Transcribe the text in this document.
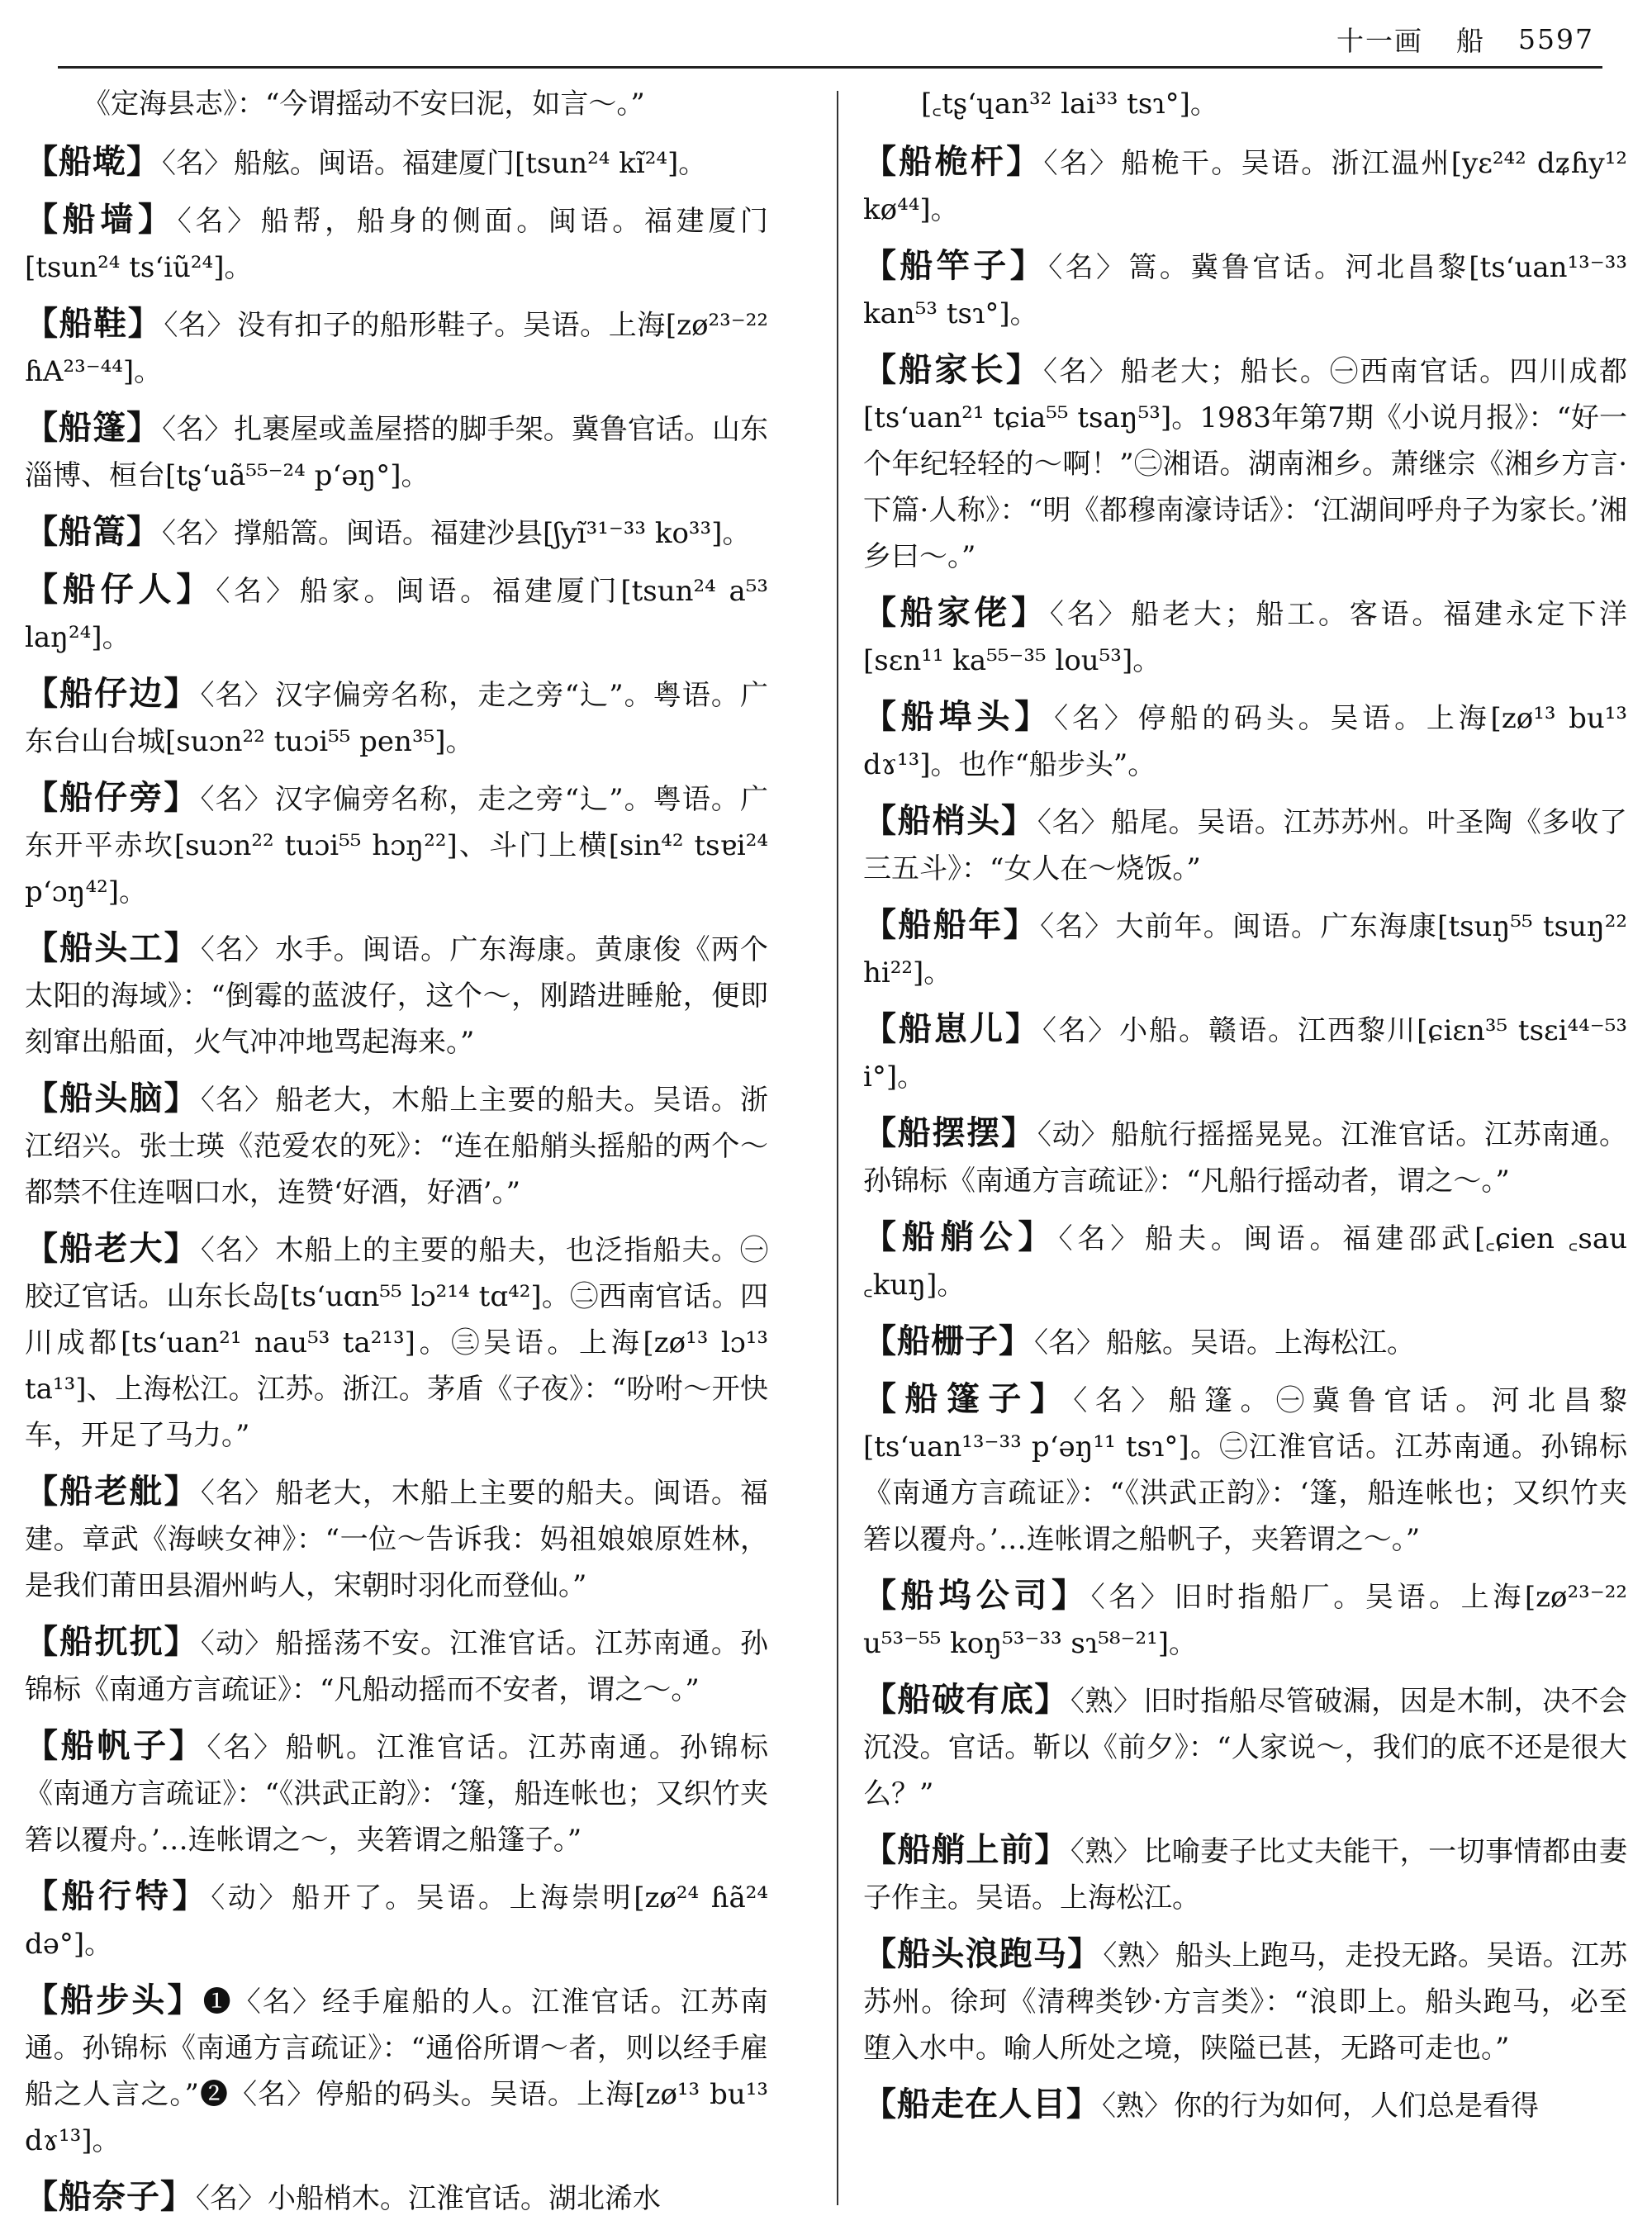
十一画 船 5597

《定海县志》：“今谓摇动不安曰泥，如言～。”

【船墘】〈名〉船舷。闽语。福建厦门[tsun²⁴ kĩ²⁴]。

【船墙】〈名〉船帮，船身的侧面。闽语。福建厦门[tsun²⁴ ts‘iũ²⁴]。

【船鞋】〈名〉没有扣子的船形鞋子。吴语。上海[zø²³⁻²² ɦA²³⁻⁴⁴]。

【船篷】〈名〉扎裹屋或盖屋搭的脚手架。冀鲁官话。山东淄博、桓台[tʂ‘uã⁵⁵⁻²⁴ p‘əŋ°]。

【船篙】〈名〉撑船篙。闽语。福建沙县[ʃyĩ³¹⁻³³ ko³³]。

【船仔人】〈名〉船家。闽语。福建厦门[tsun²⁴ a⁵³ laŋ²⁴]。

【船仔边】〈名〉汉字偏旁名称，走之旁“辶”。粤语。广东台山台城[suɔn²² tuɔi⁵⁵ pen³⁵]。

【船仔旁】〈名〉汉字偏旁名称，走之旁“辶”。粤语。广东开平赤坎[suɔn²² tuɔi⁵⁵ hɔŋ²²]、斗门上横[sin⁴² tsɐi²⁴ p‘ɔŋ⁴²]。

【船头工】〈名〉水手。闽语。广东海康。黄康俊《两个太阳的海域》：“倒霉的蓝波仔，这个～，刚踏进睡舱，便即刻窜出船面，火气冲冲地骂起海来。”

【船头脑】〈名〉船老大，木船上主要的船夫。吴语。浙江绍兴。张士瑛《范爱农的死》：“连在船艄头摇船的两个～都禁不住连咽口水，连赞‘好酒，好酒’。”

【船老大】〈名〉木船上的主要的船夫，也泛指船夫。㊀胶辽官话。山东长岛[ts‘uɑn⁵⁵ lɔ²¹⁴ tɑ⁴²]。㊁西南官话。四川成都[ts‘uan²¹ nau⁵³ ta²¹³]。㊂吴语。上海[zø¹³ lɔ¹³ ta¹³]、上海松江。江苏。浙江。茅盾《子夜》：“吩咐～开快车，开足了马力。”

【船老舭】〈名〉船老大，木船上主要的船夫。闽语。福建。章武《海峡女神》：“一位～告诉我：妈祖娘娘原姓林，是我们莆田县湄州屿人，宋朝时羽化而登仙。”

【船扤扤】〈动〉船摇荡不安。江淮官话。江苏南通。孙锦标《南通方言疏证》：“凡船动摇而不安者，谓之～。”

【船帆子】〈名〉船帆。江淮官话。江苏南通。孙锦标《南通方言疏证》：“《洪武正韵》：‘篷，船连帐也；又织竹夹箬以覆舟。’…连帐谓之～，夹箬谓之船篷子。”

【船行特】〈动〉船开了。吴语。上海崇明[zø²⁴ ɦã²⁴ də°]。

【船步头】❶〈名〉经手雇船的人。江淮官话。江苏南通。孙锦标《南通方言疏证》：“通俗所谓～者，则以经手雇船之人言之。”❷〈名〉停船的码头。吴语。上海[zø¹³ bu¹³ dɤ¹³]。

【船奈子】〈名〉小船梢木。江淮官话。湖北浠水

[꜀tʂ‘ɥan³² lai³³ tsɿ°]。

【船桅杆】〈名〉船桅干。吴语。浙江温州[yɛ²⁴² dʑɦy¹² kø⁴⁴]。

【船竿子】〈名〉篙。冀鲁官话。河北昌黎[ts‘uan¹³⁻³³ kan⁵³ tsɿ°]。

【船家长】〈名〉船老大；船长。㊀西南官话。四川成都[ts‘uan²¹ tɕia⁵⁵ tsaŋ⁵³]。1983年第7期《小说月报》：“好一个年纪轻轻的～啊！”㊁湘语。湖南湘乡。萧继宗《湘乡方言·下篇·人称》：“明《都穆南濠诗话》：‘江湖间呼舟子为家长。’湘乡曰～。”

【船家佬】〈名〉船老大；船工。客语。福建永定下洋[sɛn¹¹ ka⁵⁵⁻³⁵ lou⁵³]。

【船埠头】〈名〉停船的码头。吴语。上海[zø¹³ bu¹³ dɤ¹³]。也作“船步头”。

【船梢头】〈名〉船尾。吴语。江苏苏州。叶圣陶《多收了三五斗》：“女人在～烧饭。”

【船船年】〈名〉大前年。闽语。广东海康[tsuŋ⁵⁵ tsuŋ²² hi²²]。

【船崽儿】〈名〉小船。赣语。江西黎川[ɕiɛn³⁵ tsɛi⁴⁴⁻⁵³ i°]。

【船摆摆】〈动〉船航行摇摇晃晃。江淮官话。江苏南通。孙锦标《南通方言疏证》：“凡船行摇动者，谓之～。”

【船艄公】〈名〉船夫。闽语。福建邵武[꜀ɕien ꜀sau ꜀kuŋ]。

【船栅子】〈名〉船舷。吴语。上海松江。

【船篷子】〈名〉船篷。㊀冀鲁官话。河北昌黎[ts‘uan¹³⁻³³ p‘əŋ¹¹ tsɿ°]。㊁江淮官话。江苏南通。孙锦标《南通方言疏证》：“《洪武正韵》：‘篷，船连帐也；又织竹夹箬以覆舟。’…连帐谓之船帆子，夹箬谓之～。”

【船坞公司】〈名〉旧时指船厂。吴语。上海[zø²³⁻²² u⁵³⁻⁵⁵ koŋ⁵³⁻³³ sɿ⁵⁸⁻²¹]。

【船破有底】〈熟〉旧时指船尽管破漏，因是木制，决不会沉没。官话。靳以《前夕》：“人家说～，我们的底不还是很大么？”

【船艄上前】〈熟〉比喻妻子比丈夫能干，一切事情都由妻子作主。吴语。上海松江。

【船头浪跑马】〈熟〉船头上跑马，走投无路。吴语。江苏苏州。徐珂《清稗类钞·方言类》：“浪即上。船头跑马，必至堕入水中。喻人所处之境，陕隘已甚，无路可走也。”

【船走在人目】〈熟〉你的行为如何，人们总是看得
